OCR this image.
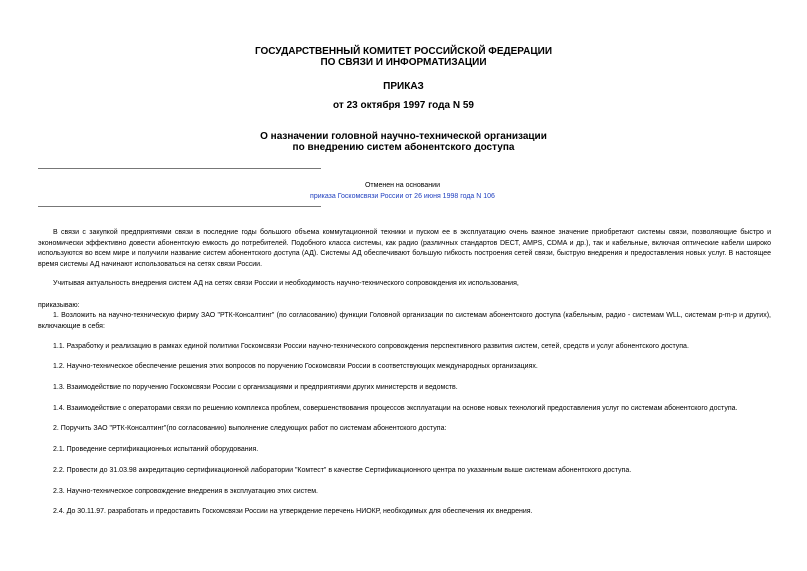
ГОСУДАРСТВЕННЫЙ КОМИТЕТ РОССИЙСКОЙ ФЕДЕРАЦИИ
ПО СВЯЗИ И ИНФОРМАТИЗАЦИИ
ПРИКАЗ
от 23 октября 1997 года N 59
О назначении головной научно-технической организации
по внедрению систем абонентского доступа
Отменен на основании
приказа Госкомсвязи России от 26 июня 1998 года N 106
В связи с закупкой предприятиями связи в последние годы большого объема коммутационной техники и пуском ее в эксплуатацию очень важное значение приобретают системы связи, позволяющие быстро и экономически эффективно довести абонентскую емкость до потребителей. Подобного класса системы, как радио (различных стандартов DECT, AMPS, CDMA и др.), так и кабельные, включая оптические кабели широко используются во всем мире и получили название систем абонентского доступа (АД). Системы АД обеспечивают большую гибкость построения сетей связи, быструю внедрения и предоставления новых услуг. В настоящее время системы АД начинают использоваться на сетях связи России.
Учитывая актуальность внедрения систем АД на сетях связи России и необходимость научно-технического сопровождения их использования,
приказываю:
1. Возложить на научно-техническую фирму ЗАО "РТК-Консалтинг" (по согласованию) функции Головной организации по системам абонентского доступа (кабельным, радио - системам WLL, системам р-m-р и других), включающие в себя:
1.1. Разработку и реализацию в рамках единой политики Госкомсвязи России научно-технического сопровождения перспективного развития систем, сетей, средств и услуг абонентского доступа.
1.2. Научно-техническое обеспечение решения этих вопросов по поручению Госкомсвязи России в соответствующих международных организациях.
1.3. Взаимодействие по поручению Госкомсвязи России с организациями и предприятиями других министерств и ведомств.
1.4. Взаимодействие с операторами связи по решению комплекса проблем, совершенствования процессов эксплуатации на основе новых технологий предоставления услуг по системам абонентского доступа.
2. Поручить ЗАО "РТК-Консалтинг"(по согласованию) выполнение следующих работ по системам абонентского доступа:
2.1. Проведение сертификационных испытаний оборудования.
2.2. Провести до 31.03.98 аккредитацию сертификационной лаборатории "Комтест" в качестве Сертификационного центра по указанным выше системам абонентского доступа.
2.3. Научно-техническое сопровождение внедрения в эксплуатацию этих систем.
2.4. До 30.11.97. разработать и предоставить Госкомсвязи России на утверждение перечень НИОКР, необходимых для обеспечения их внедрения.
